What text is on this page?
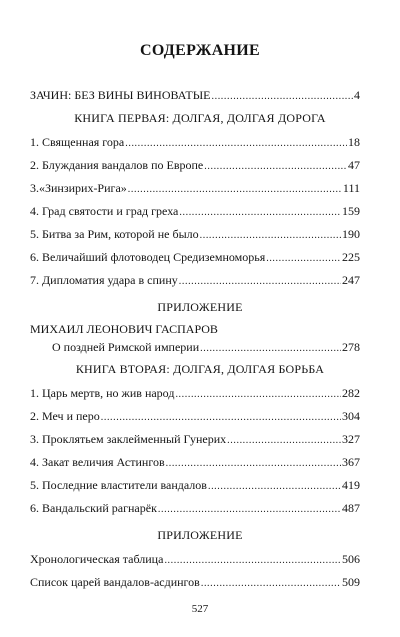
СОДЕРЖАНИЕ
ЗАЧИН: БЕЗ ВИНЫ ВИНОВАТЫЕ .....	4
КНИГА ПЕРВАЯ: ДОЛГАЯ, ДОЛГАЯ ДОРОГА
1. Священная гора .....	18
2. Блуждания вандалов по Европе .....	47
3.«Зинзирих-Рига» .....	111
4. Град святости и град греха .....	159
5. Битва за Рим, которой не было .....	190
6. Величайший флотоводец Средиземноморья .....	225
7. Дипломатия удара в спину .....	247
ПРИЛОЖЕНИЕ
МИХАИЛ ЛЕОНОВИЧ ГАСПАРОВ
О поздней Римской империи .....	278
КНИГА ВТОРАЯ: ДОЛГАЯ, ДОЛГАЯ БОРЬБА
1. Царь мертв, но жив народ .....	282
2. Меч и перо .....	304
3. Проклятьем заклейменный Гунерих .....	327
4. Закат величия Астингов .....	367
5. Последние властители вандалов .....	419
6. Вандальский рагнарёк .....	487
ПРИЛОЖЕНИЕ
Хронологическая таблица .....	506
Список царей вандалов-асдингов .....	509
527
